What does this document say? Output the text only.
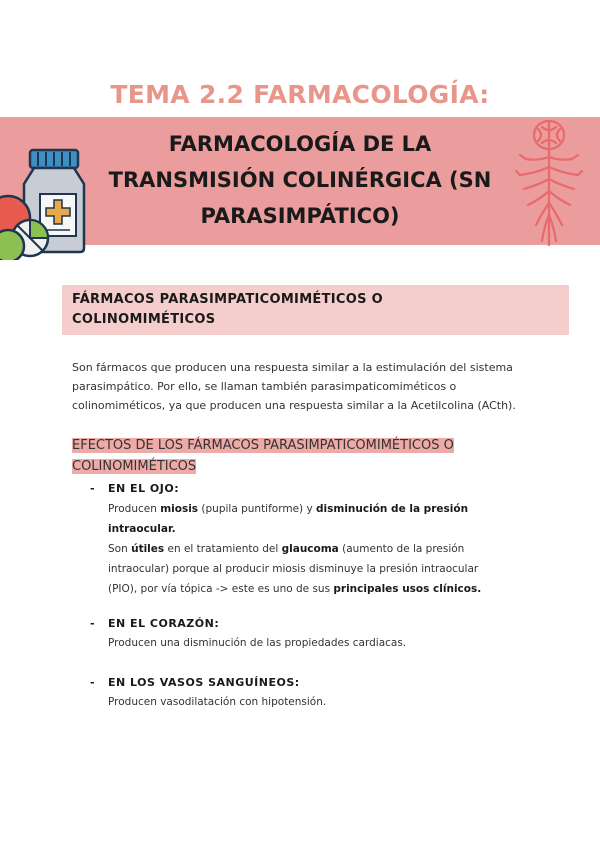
TEMA 2.2 FARMACOLOGÍA:
FARMACOLOGÍA DE LA
TRANSMISIÓN COLINÉRGICA (SN
PARASIMPÁTICO)
FÁRMACOS PARASIMPATICOMIMÉTICOS O
COLINOMIMÉTICOS
Son fármacos que producen una respuesta similar a la estimulación del sistema
parasimpático. Por ello, se llaman también parasimpaticomiméticos o
colinomiméticos, ya que producen una respuesta similar a la Acetilcolina (ACth).
EFECTOS DE LOS FÁRMACOS PARASIMPATICOMIMÉTICOS O
COLINOMIMÉTICOS
- EN EL OJO:
Producen miosis (pupila puntiforme) y disminución de la presión
intraocular.
Son útiles en el tratamiento del glaucoma (aumento de la presión
intraocular) porque al producir miosis disminuye la presión intraocular
(PIO), por vía tópica -> este es uno de sus principales usos clínicos.
- EN EL CORAZÓN:
Producen una disminución de las propiedades cardiacas.
- EN LOS VASOS SANGUÍNEOS:
Producen vasodilatación con hipotensión.
